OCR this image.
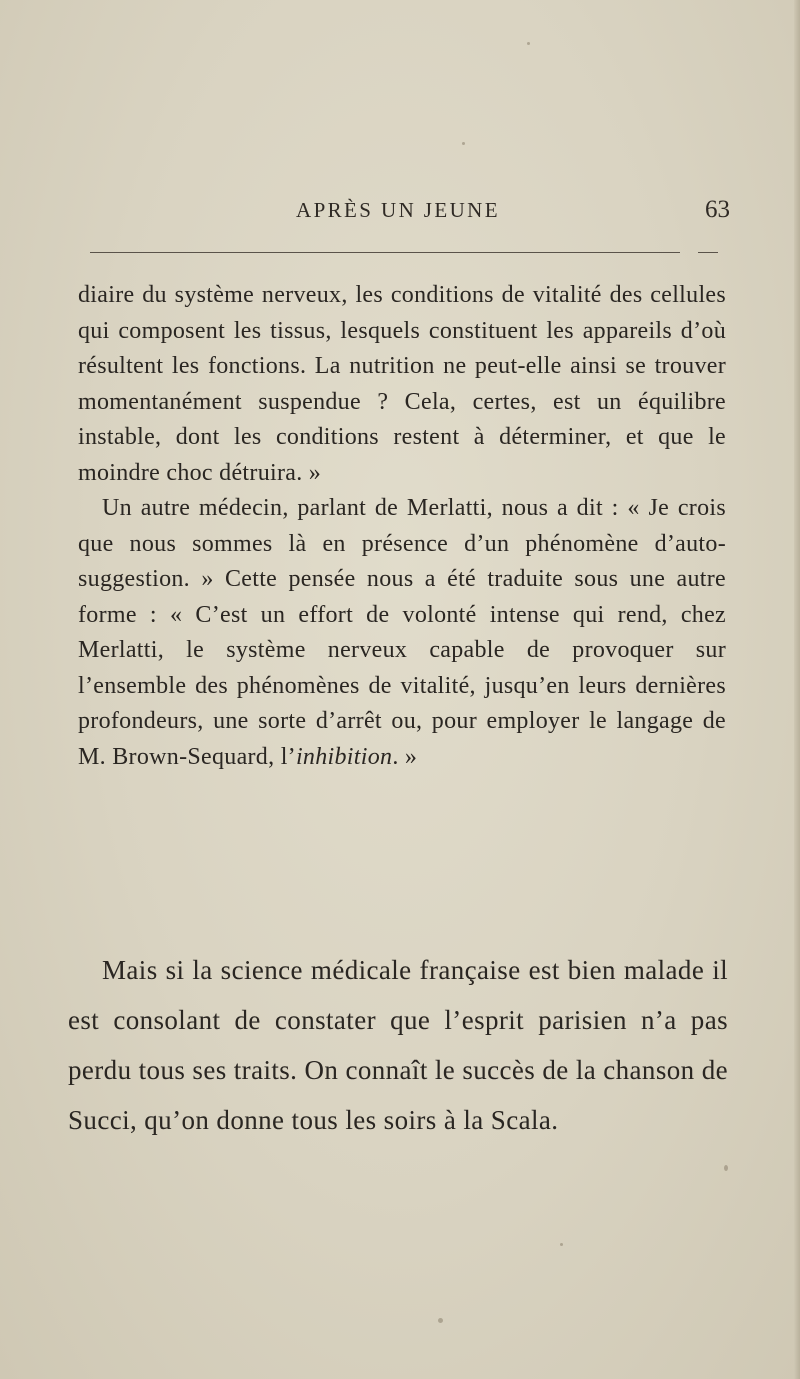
APRÈS UN JEUNE	63

diaire du système nerveux, les conditions de vitalité des cellules qui composent les tissus, lesquels constituent les appareils d’où résultent les fonctions. La nutrition ne peut-elle ainsi se trouver momentanément suspendue ? Cela, certes, est un équilibre instable, dont les conditions restent à déterminer, et que le moindre choc détruira. »

Un autre médecin, parlant de Merlatti, nous a dit : « Je crois que nous sommes là en présence d’un phénomène d’auto-suggestion. » Cette pensée nous a été traduite sous une autre forme : « C’est un effort de volonté intense qui rend, chez Merlatti, le système nerveux capable de provoquer sur l’ensemble des phénomènes de vitalité, jusqu’en leurs dernières profondeurs, une sorte d’arrêt ou, pour employer le langage de M. Brown-Sequard, l’inhibition. »

Mais si la science médicale française est bien malade il est consolant de constater que l’esprit parisien n’a pas perdu tous ses traits. On connaît le succès de la chanson de Succi, qu’on donne tous les soirs à la Scala.
